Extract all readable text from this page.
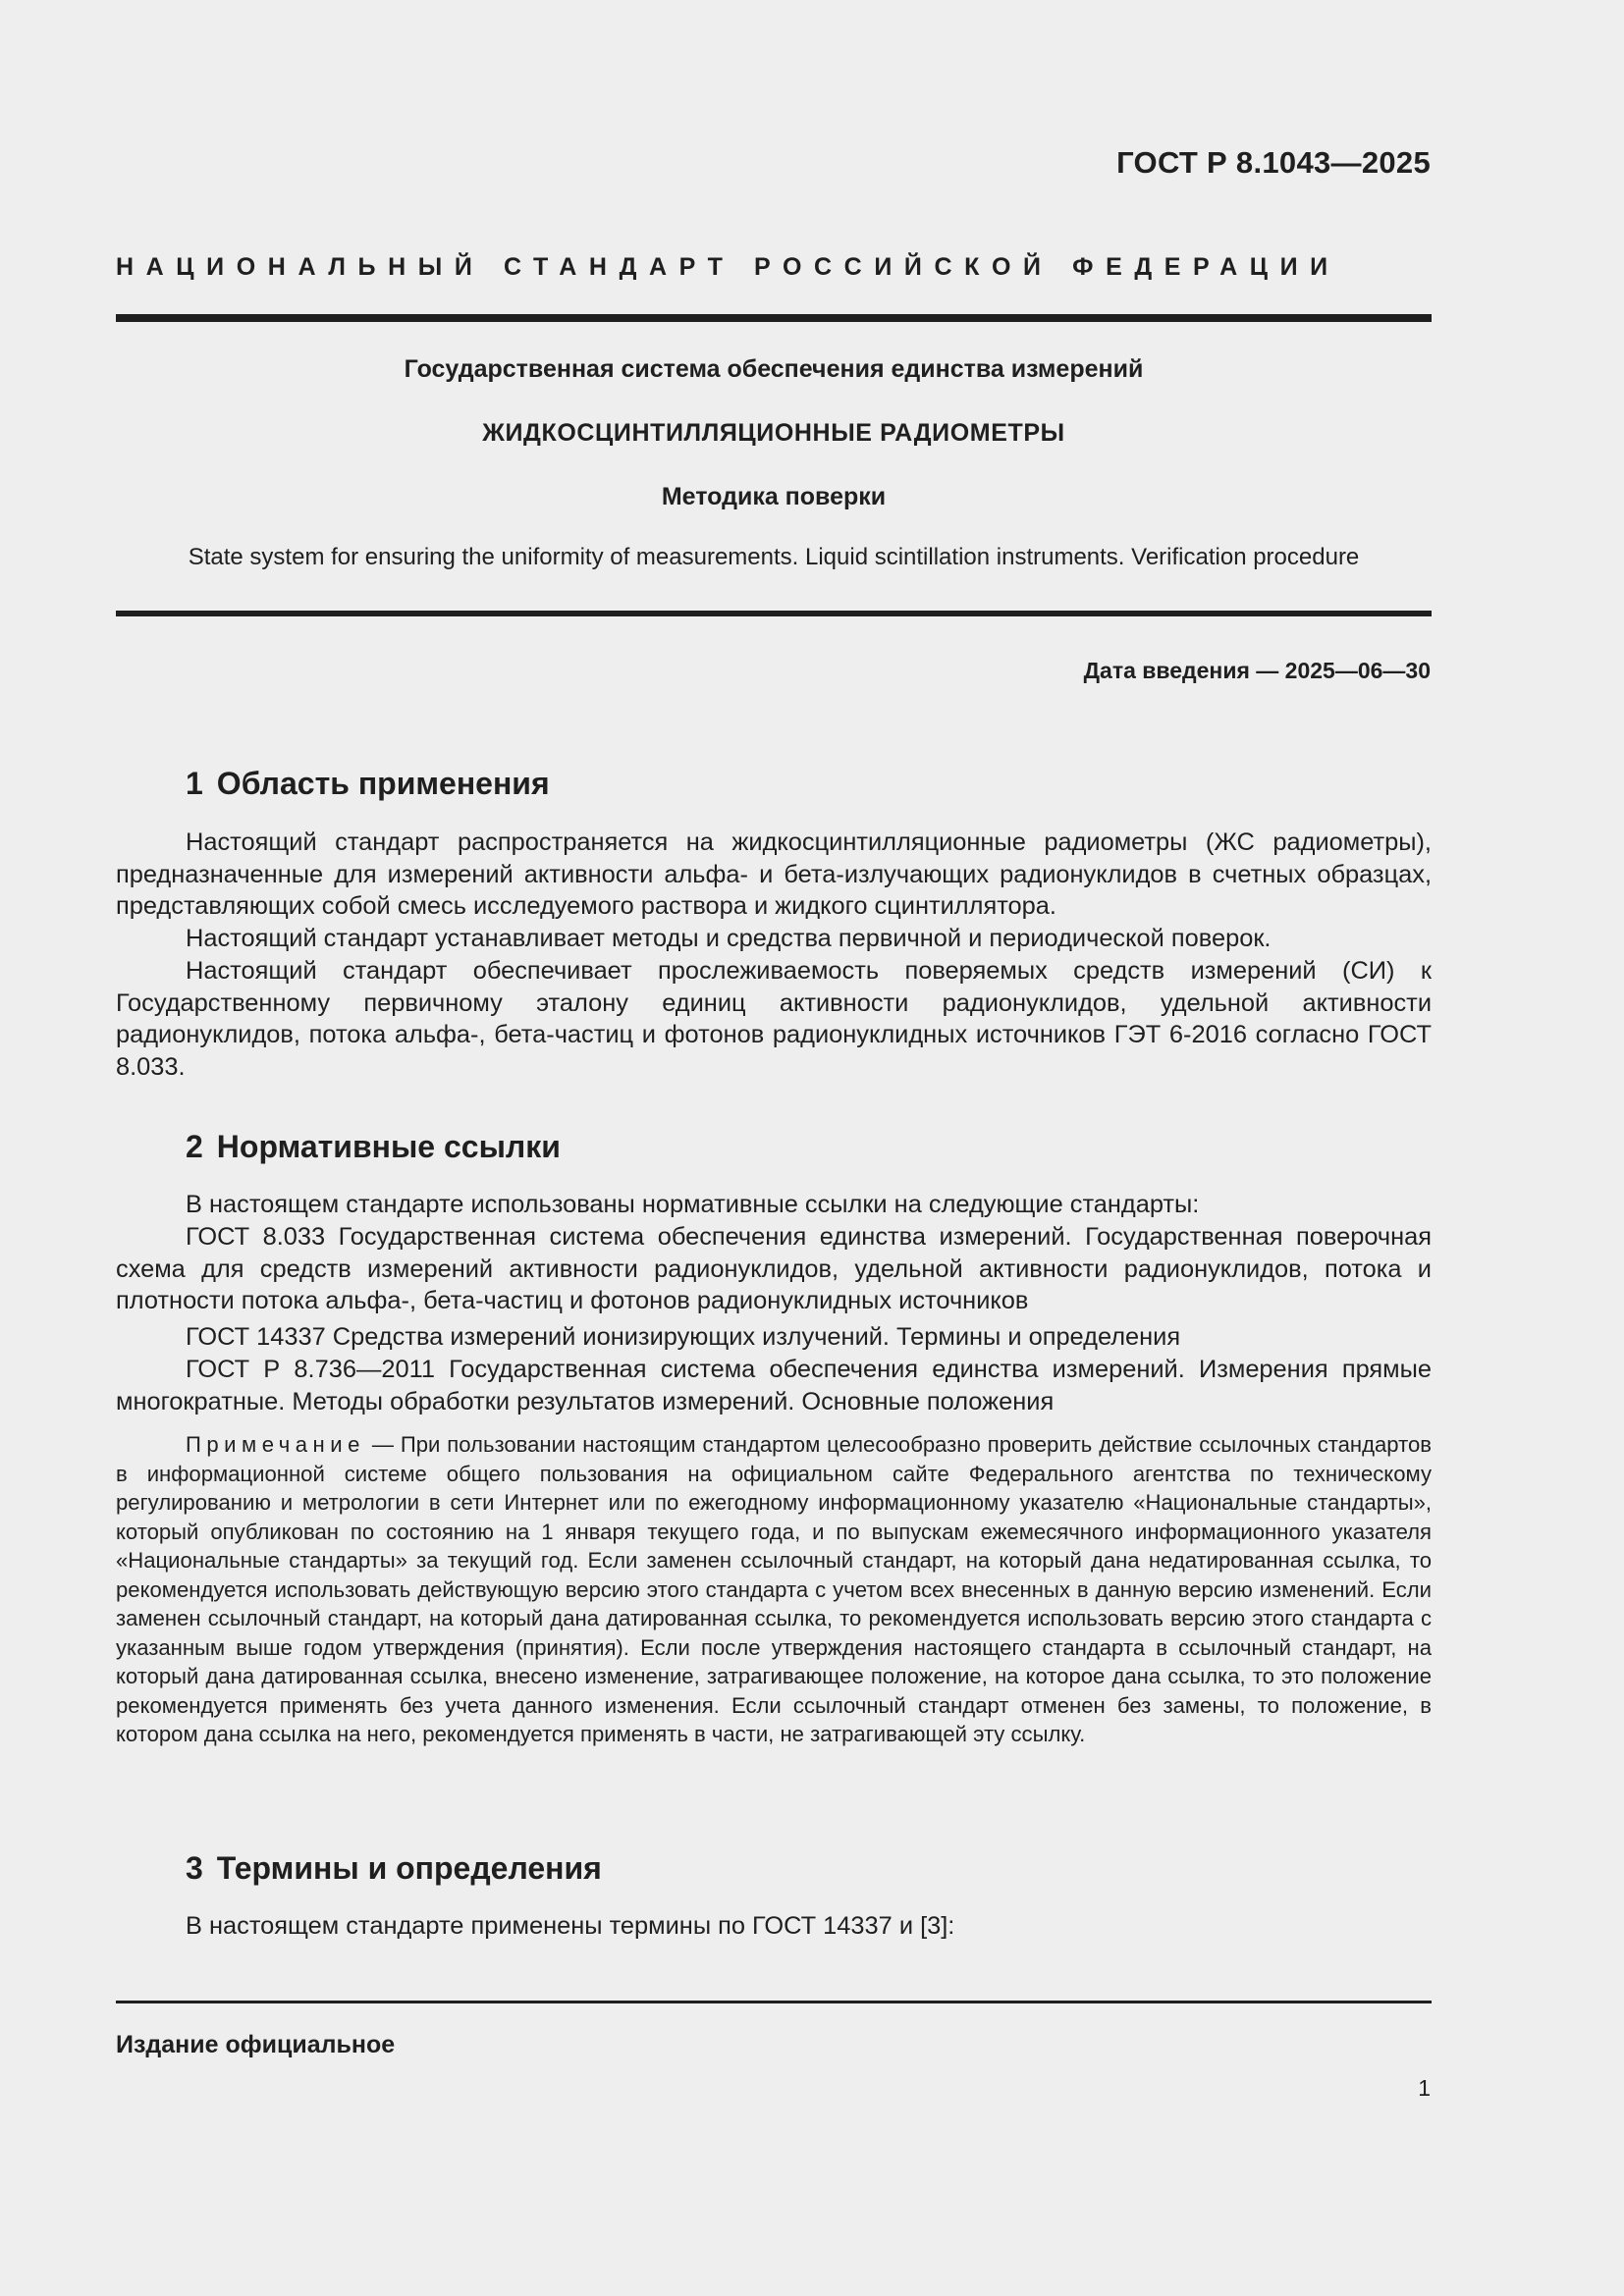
ГОСТ Р 8.1043—2025
НАЦИОНАЛЬНЫЙ СТАНДАРТ РОССИЙСКОЙ ФЕДЕРАЦИИ
Государственная система обеспечения единства измерений
ЖИДКОСЦИНТИЛЛЯЦИОННЫЕ РАДИОМЕТРЫ
Методика поверки
State system for ensuring the uniformity of measurements. Liquid scintillation instruments. Verification procedure
Дата введения — 2025—06—30
1 Область применения

Настоящий стандарт распространяется на жидкосцинтилляционные радиометры (ЖС радиометры), предназначенные для измерений активности альфа- и бета-излучающих радионуклидов в счетных образцах, представляющих собой смесь исследуемого раствора и жидкого сцинтиллятора.

Настоящий стандарт устанавливает методы и средства первичной и периодической поверок.

Настоящий стандарт обеспечивает прослеживаемость поверяемых средств измерений (СИ) к Государственному первичному эталону единиц активности радионуклидов, удельной активности радионуклидов, потока альфа-, бета-частиц и фотонов радионуклидных источников ГЭТ 6-2016 согласно ГОСТ 8.033.

2 Нормативные ссылки

В настоящем стандарте использованы нормативные ссылки на следующие стандарты:

ГОСТ 8.033 Государственная система обеспечения единства измерений. Государственная поверочная схема для средств измерений активности радионуклидов, удельной активности радионуклидов, потока и плотности потока альфа-, бета-частиц и фотонов радионуклидных источников

ГОСТ 14337 Средства измерений ионизирующих излучений. Термины и определения

ГОСТ Р 8.736—2011 Государственная система обеспечения единства измерений. Измерения прямые многократные. Методы обработки результатов измерений. Основные положения

Примечание — При пользовании настоящим стандартом целесообразно проверить действие ссылочных стандартов в информационной системе общего пользования на официальном сайте Федерального агентства по техническому регулированию и метрологии в сети Интернет или по ежегодному информационному указателю «Национальные стандарты», который опубликован по состоянию на 1 января текущего года, и по выпускам ежемесячного информационного указателя «Национальные стандарты» за текущий год. Если заменен ссылочный стандарт, на который дана недатированная ссылка, то рекомендуется использовать действующую версию этого стандарта с учетом всех внесенных в данную версию изменений. Если заменен ссылочный стандарт, на который дана датированная ссылка, то рекомендуется использовать версию этого стандарта с указанным выше годом утверждения (принятия). Если после утверждения настоящего стандарта в ссылочный стандарт, на который дана датированная ссылка, внесено изменение, затрагивающее положение, на которое дана ссылка, то это положение рекомендуется применять без учета данного изменения. Если ссылочный стандарт отменен без замены, то положение, в котором дана ссылка на него, рекомендуется применять в части, не затрагивающей эту ссылку.

3 Термины и определения

В настоящем стандарте применены термины по ГОСТ 14337 и [3]:

Издание официальное
1
